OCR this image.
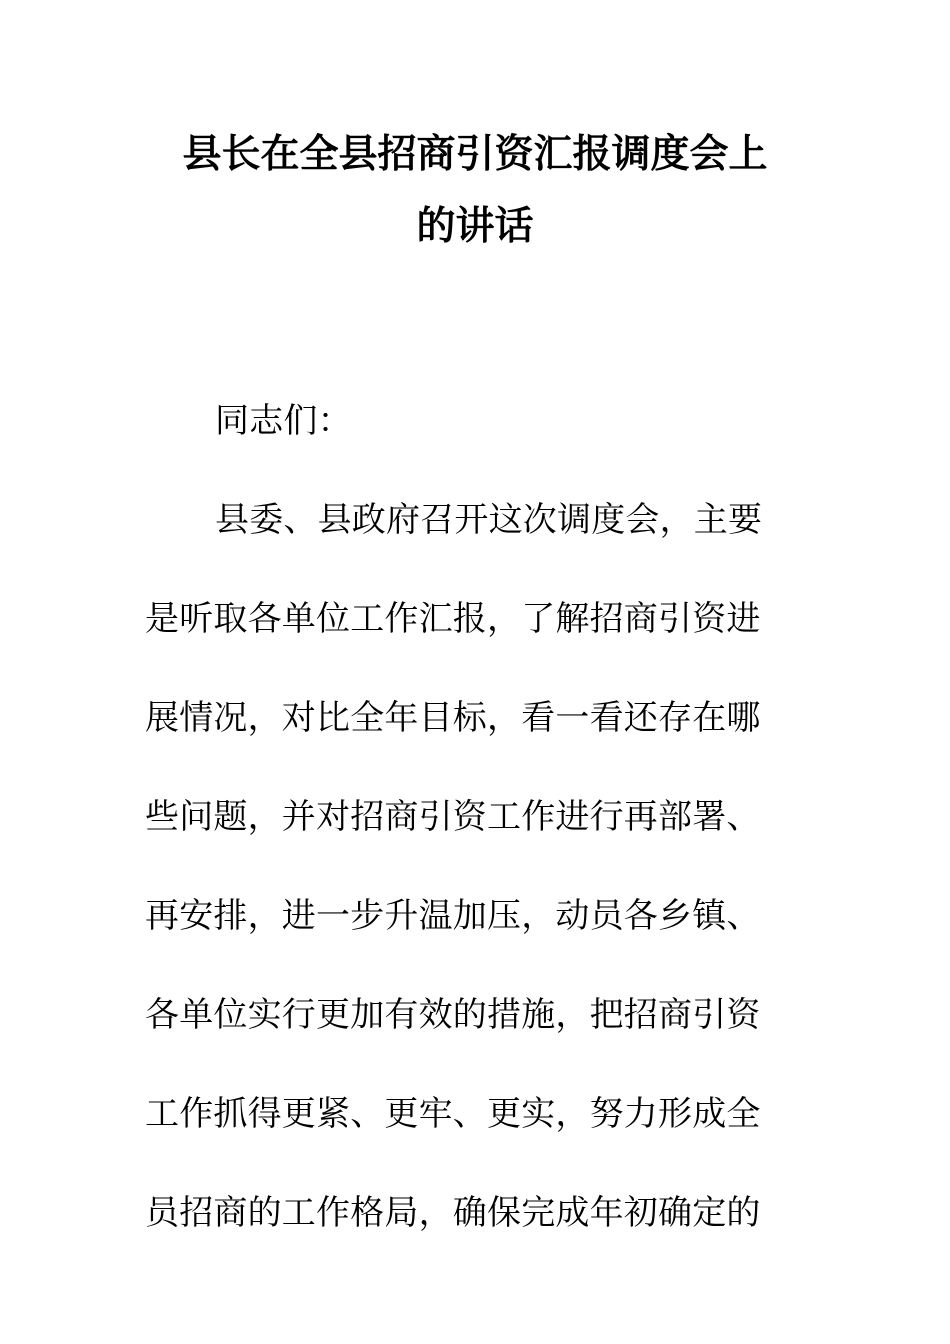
县长在全县招商引资汇报调度会上
的讲话
同志们：
县委、县政府召开这次调度会，主要
是听取各单位工作汇报，了解招商引资进
展情况，对比全年目标，看一看还存在哪
些问题，并对招商引资工作进行再部署、
再安排，进一步升温加压，动员各乡镇、
各单位实行更加有效的措施，把招商引资
工作抓得更紧、更牢、更实，努力形成全
员招商的工作格局，确保完成年初确定的
